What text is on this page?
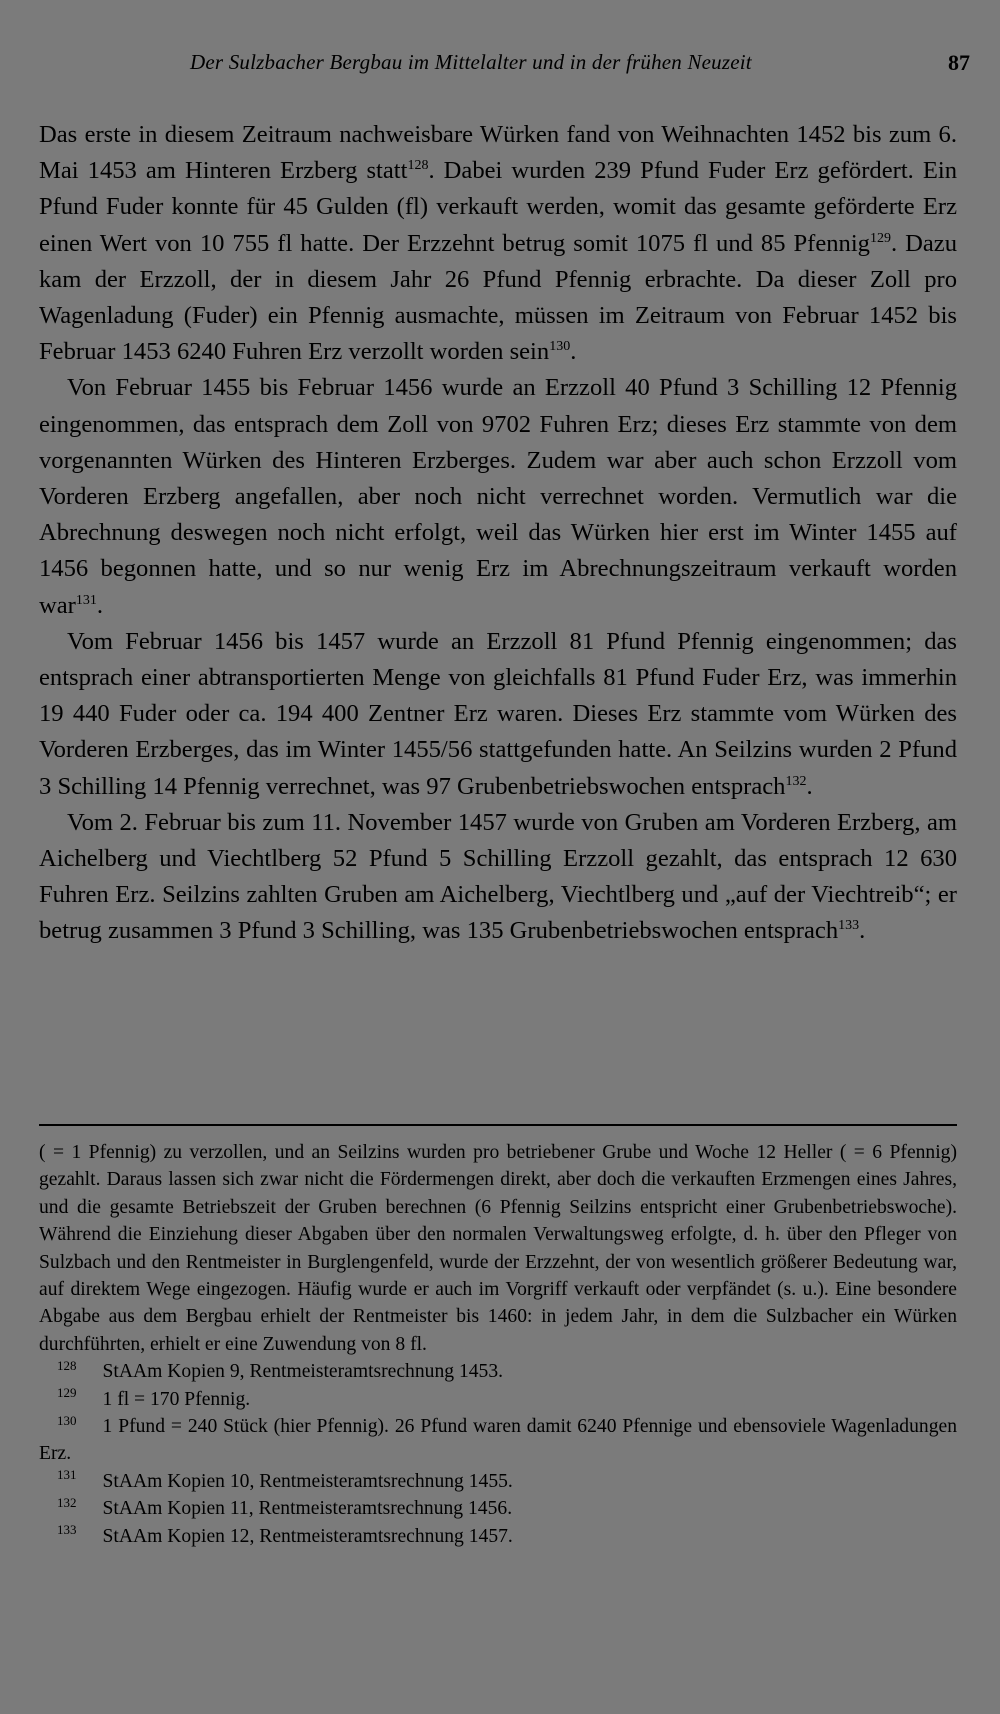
Der Sulzbacher Bergbau im Mittelalter und in der frühen Neuzeit	87

Das erste in diesem Zeitraum nachweisbare Würken fand von Weihnachten 1452 bis zum 6. Mai 1453 am Hinteren Erzberg statt$^{128}$. Dabei wurden 239 Pfund Fuder Erz gefördert. Ein Pfund Fuder konnte für 45 Gulden (fl) verkauft werden, womit das gesamte geförderte Erz einen Wert von 10 755 fl hatte. Der Erzzehnt betrug somit 1075 fl und 85 Pfennig$^{129}$. Dazu kam der Erzzoll, der in diesem Jahr 26 Pfund Pfennig erbrachte. Da dieser Zoll pro Wagenladung (Fuder) ein Pfennig ausmachte, müssen im Zeitraum von Februar 1452 bis Februar 1453 6240 Fuhren Erz verzollt worden sein$^{130}$.

Von Februar 1455 bis Februar 1456 wurde an Erzzoll 40 Pfund 3 Schilling 12 Pfennig eingenommen, das entsprach dem Zoll von 9702 Fuhren Erz; dieses Erz stammte von dem vorgenannten Würken des Hinteren Erzberges. Zudem war aber auch schon Erzzoll vom Vorderen Erzberg angefallen, aber noch nicht verrechnet worden. Vermutlich war die Abrechnung deswegen noch nicht erfolgt, weil das Würken hier erst im Winter 1455 auf 1456 begonnen hatte, und so nur wenig Erz im Abrechnungszeitraum verkauft worden war$^{131}$.

Vom Februar 1456 bis 1457 wurde an Erzzoll 81 Pfund Pfennig eingenommen; das entsprach einer abtransportierten Menge von gleichfalls 81 Pfund Fuder Erz, was immerhin 19 440 Fuder oder ca. 194 400 Zentner Erz waren. Dieses Erz stammte vom Würken des Vorderen Erzberges, das im Winter 1455/56 stattgefunden hatte. An Seilzins wurden 2 Pfund 3 Schilling 14 Pfennig verrechnet, was 97 Grubenbetriebswochen entsprach$^{132}$.

Vom 2. Februar bis zum 11. November 1457 wurde von Gruben am Vorderen Erzberg, am Aichelberg und Viechtlberg 52 Pfund 5 Schilling Erzzoll gezahlt, das entsprach 12 630 Fuhren Erz. Seilzins zahlten Gruben am Aichelberg, Viechtlberg und „auf der Viechtreib“; er betrug zusammen 3 Pfund 3 Schilling, was 135 Grubenbetriebswochen entsprach$^{133}$.

( = 1 Pfennig) zu verzollen, und an Seilzins wurden pro betriebener Grube und Woche 12 Heller ( = 6 Pfennig) gezahlt. Daraus lassen sich zwar nicht die Fördermengen direkt, aber doch die verkauften Erzmengen eines Jahres, und die gesamte Betriebszeit der Gruben berechnen (6 Pfennig Seilzins entspricht einer Grubenbetriebswoche). Während die Einziehung dieser Abgaben über den normalen Verwaltungsweg erfolgte, d. h. über den Pfleger von Sulzbach und den Rentmeister in Burglengenfeld, wurde der Erzzehnt, der von wesentlich größerer Bedeutung war, auf direktem Wege eingezogen. Häufig wurde er auch im Vorgriff verkauft oder verpfändet (s. u.). Eine besondere Abgabe aus dem Bergbau erhielt der Rentmeister bis 1460: in jedem Jahr, in dem die Sulzbacher ein Würken durchführten, erhielt er eine Zuwendung von 8 fl.

$^{128}$ StAAm Kopien 9, Rentmeisteramtsrechnung 1453.

$^{129}$ 1 fl = 170 Pfennig.

$^{130}$ 1 Pfund = 240 Stück (hier Pfennig). 26 Pfund waren damit 6240 Pfennige und ebensoviele Wagenladungen Erz.

$^{131}$ StAAm Kopien 10, Rentmeisteramtsrechnung 1455.

$^{132}$ StAAm Kopien 11, Rentmeisteramtsrechnung 1456.

$^{133}$ StAAm Kopien 12, Rentmeisteramtsrechnung 1457.
